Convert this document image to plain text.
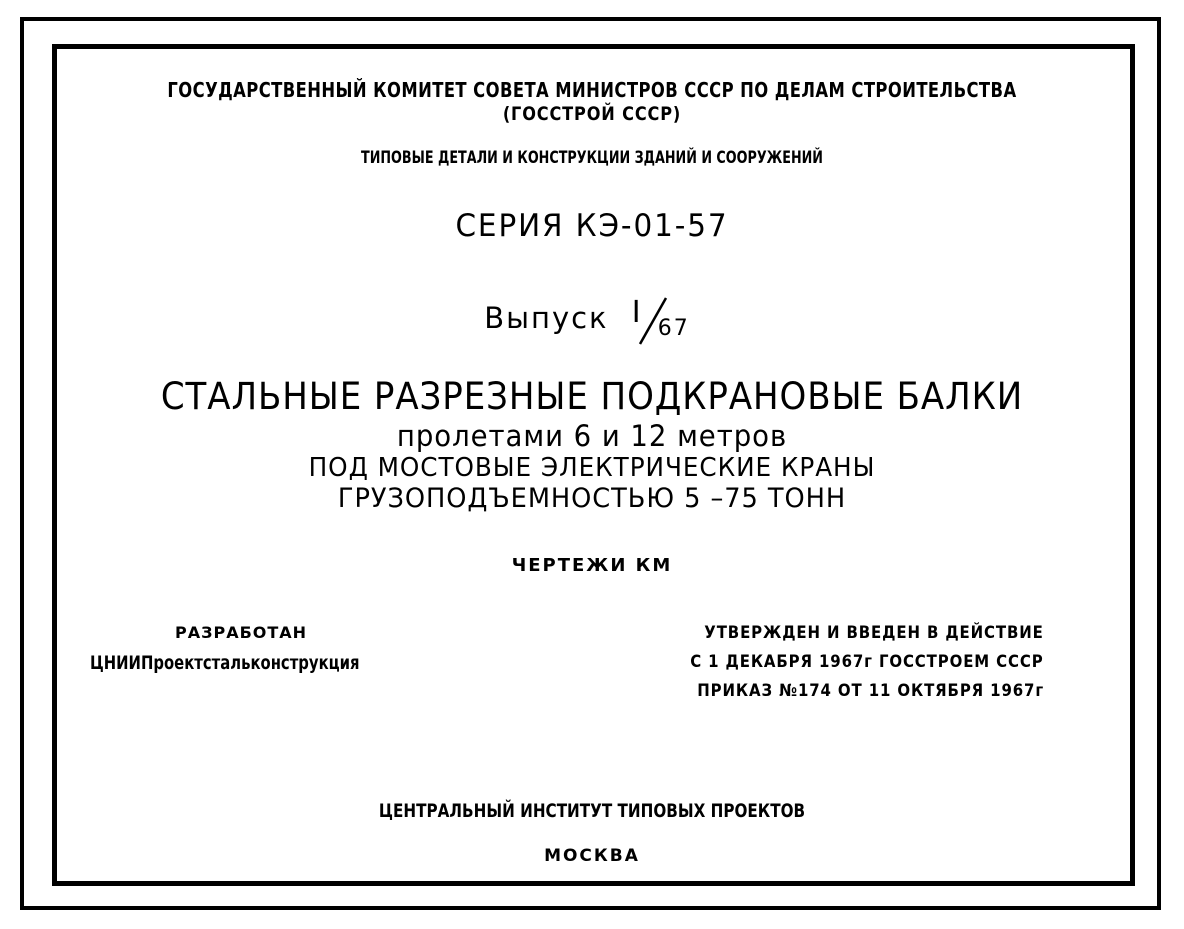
ГОСУДАРСТВЕННЫЙ КОМИТЕТ СОВЕТА МИНИСТРОВ СССР ПО ДЕЛАМ СТРОИТЕЛЬСТВА
(ГОССТРОЙ СССР)
ТИПОВЫЕ ДЕТАЛИ И КОНСТРУКЦИИ ЗДАНИЙ И СООРУЖЕНИЙ
СЕРИЯ КЭ-01-57
Выпуск I 67
СТАЛЬНЫЕ РАЗРЕЗНЫЕ ПОДКРАНОВЫЕ БАЛКИ
пролетами 6 и 12 метров
ПОД МОСТОВЫЕ ЭЛЕКТРИЧЕСКИЕ КРАНЫ
ГРУЗОПОДЪЕМНОСТЬЮ 5 –75 ТОНН
ЧЕРТЕЖИ КМ
РАЗРАБОТАН
ЦНИИПроектстальконструкция
УТВЕРЖДЕН И ВВЕДЕН В ДЕЙСТВИЕ
С 1 ДЕКАБРЯ 1967г ГОССТРОЕМ СССР
ПРИКАЗ №174 ОТ 11 ОКТЯБРЯ 1967г
ЦЕНТРАЛЬНЫЙ ИНСТИТУТ ТИПОВЫХ ПРОЕКТОВ
МОСКВА
